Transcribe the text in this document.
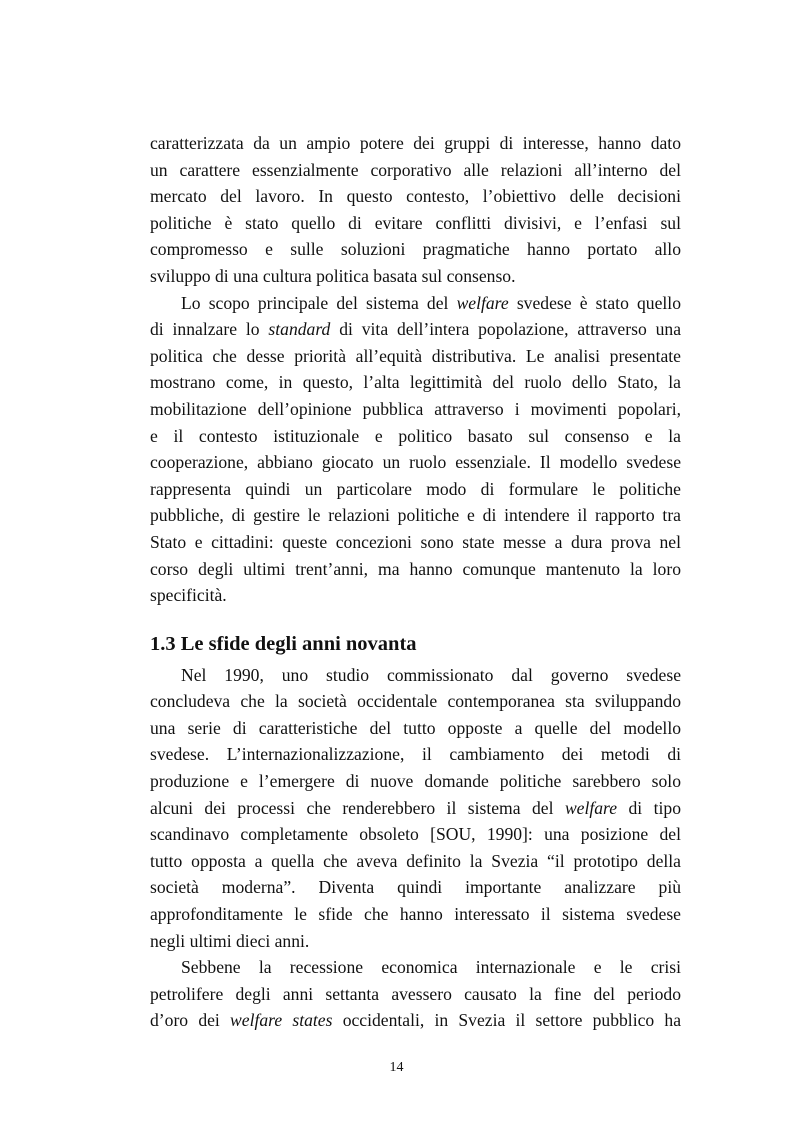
caratterizzata da un ampio potere dei gruppi di interesse, hanno dato
un carattere essenzialmente corporativo alle relazioni all’interno del
mercato del lavoro. In questo contesto, l’obiettivo delle decisioni
politiche è stato quello di evitare conflitti divisivi, e l’enfasi sul
compromesso e sulle soluzioni pragmatiche hanno portato allo
sviluppo di una cultura politica basata sul consenso.
Lo scopo principale del sistema del welfare svedese è stato quello
di innalzare lo standard di vita dell’intera popolazione, attraverso una
politica che desse priorità all’equità distributiva. Le analisi presentate
mostrano come, in questo, l’alta legittimità del ruolo dello Stato, la
mobilitazione dell’opinione pubblica attraverso i movimenti popolari,
e il contesto istituzionale e politico basato sul consenso e la
cooperazione, abbiano giocato un ruolo essenziale. Il modello svedese
rappresenta quindi un particolare modo di formulare le politiche
pubbliche, di gestire le relazioni politiche e di intendere il rapporto tra
Stato e cittadini: queste concezioni sono state messe a dura prova nel
corso degli ultimi trent’anni, ma hanno comunque mantenuto la loro
specificità.
1.3 Le sfide degli anni novanta
Nel 1990, uno studio commissionato dal governo svedese
concludeva che la società occidentale contemporanea sta sviluppando
una serie di caratteristiche del tutto opposte a quelle del modello
svedese. L’internazionalizzazione, il cambiamento dei metodi di
produzione e l’emergere di nuove domande politiche sarebbero solo
alcuni dei processi che renderebbero il sistema del welfare di tipo
scandinavo completamente obsoleto [SOU, 1990]: una posizione del
tutto opposta a quella che aveva definito la Svezia “il prototipo della
società moderna”. Diventa quindi importante analizzare più
approfonditamente le sfide che hanno interessato il sistema svedese
negli ultimi dieci anni.
Sebbene la recessione economica internazionale e le crisi
petrolifere degli anni settanta avessero causato la fine del periodo
d’oro dei welfare states occidentali, in Svezia il settore pubblico ha
14
